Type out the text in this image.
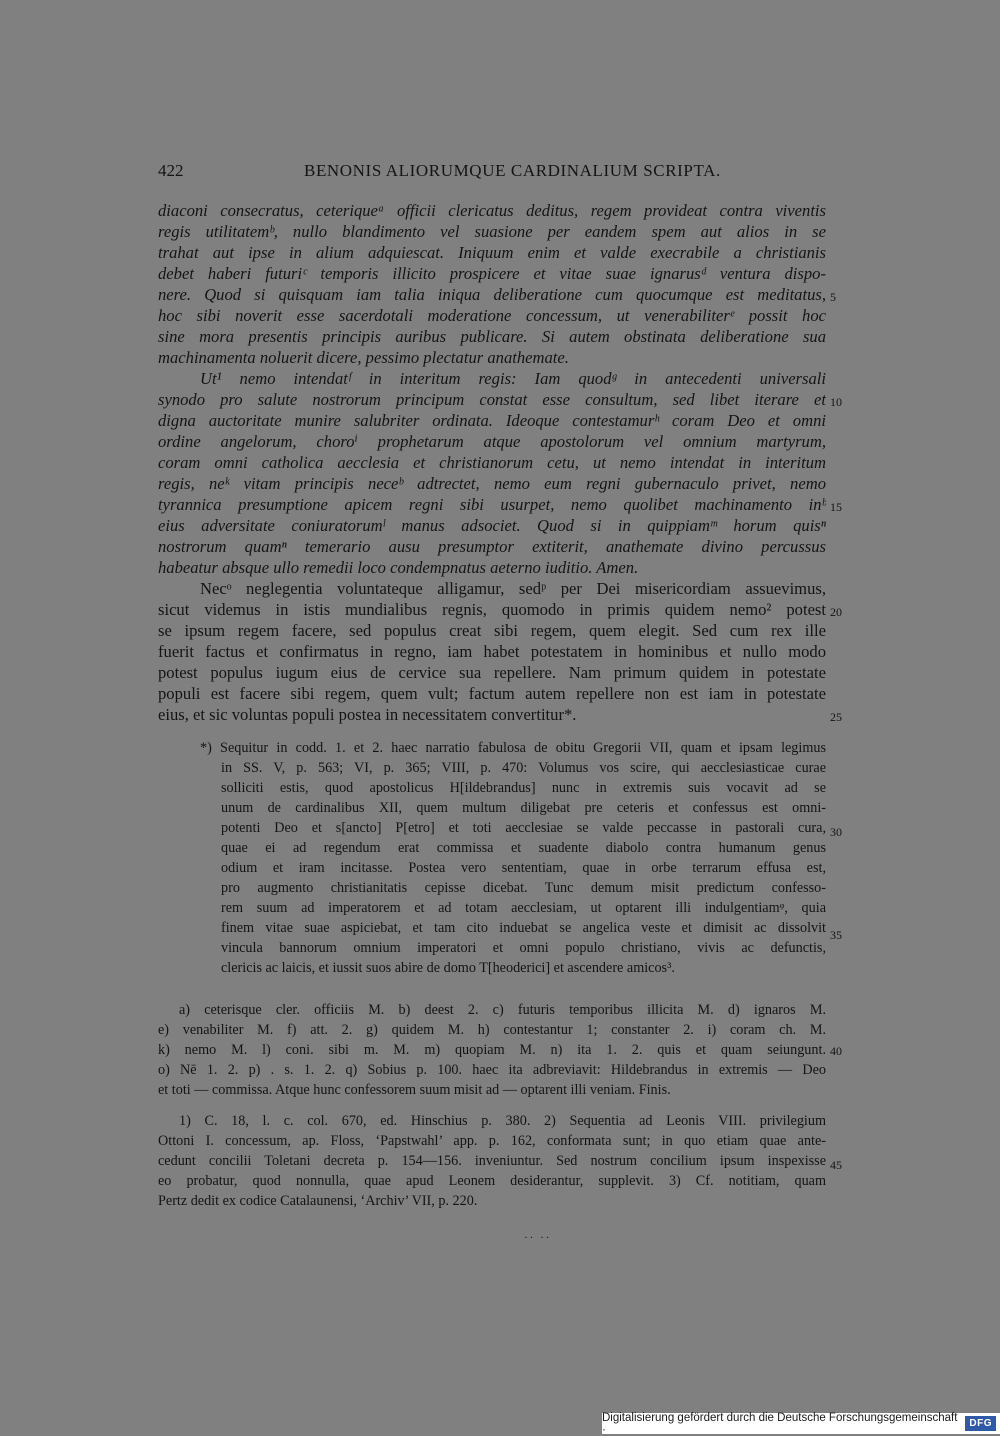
422	BENONIS ALIORUMQUE CARDINALIUM SCRIPTA.
diaconi consecratus, ceteriqueᵃ officii clericatus deditus, regem provideat contra viventis
regis utilitatemᵇ, nullo blandimento vel suasione per eandem spem aut alios in se
trahat aut ipse in alium adquiescat. Iniquum enim et valde execrabile a christianis
debet haberi futuriᶜ temporis illicito prospicere et vitae suae ignarusᵈ ventura dispo-
nere. Quod si quisquam iam talia iniqua deliberatione cum quocumque est meditatus,
hoc sibi noverit esse sacerdotali moderatione concessum, ut venerabiliterᵉ possit hoc
sine mora presentis principis auribus publicare. Si autem obstinata deliberatione sua
machinamenta noluerit dicere, pessimo plectatur anathemate.
Ut¹ nemo intendatᶠ in interitum regis: Iam quodᵍ in antecedenti universali
synodo pro salute nostrorum principum constat esse consultum, sed libet iterare et
digna auctoritate munire salubriter ordinata. Ideoque contestamurʰ coram Deo et omni
ordine angelorum, choroⁱ prophetarum atque apostolorum vel omnium martyrum,
coram omni catholica aecclesia et christianorum cetu, ut nemo intendat in interitum
regis, neᵏ vitam principis neceᵇ adtrectet, nemo eum regni gubernaculo privet, nemo
tyrannica presumptione apicem regni sibi usurpet, nemo quolibet machinamento inᵇ
eius adversitate coniuratorumˡ manus adsociet. Quod si in quippiamᵐ horum quisⁿ
nostrorum quamⁿ temerario ausu presumptor extiterit, anathemate divino percussus
habeatur absque ullo remedii loco condempnatus aeterno iuditio. Amen.
Necᵒ neglegentia voluntateque alligamur, sedᵖ per Dei misericordiam assuevimus,
sicut videmus in istis mundialibus regnis, quomodo in primis quidem nemo² potest
se ipsum regem facere, sed populus creat sibi regem, quem elegit. Sed cum rex ille
fuerit factus et confirmatus in regno, iam habet potestatem in hominibus et nullo modo
potest populus iugum eius de cervice sua repellere. Nam primum quidem in potestate
populi est facere sibi regem, quem vult; factum autem repellere non est iam in potestate
eius, et sic voluntas populi postea in necessitatem convertitur*.
*) Sequitur in codd. 1. et 2. haec narratio fabulosa de obitu Gregorii VII, quam et ipsam legimus
in SS. V, p. 563; VI, p. 365; VIII, p. 470: Volumus vos scire, qui aecclesiasticae curae
solliciti estis, quod apostolicus H[ildebrandus] nunc in extremis suis vocavit ad se
unum de cardinalibus XII, quem multum diligebat pre ceteris et confessus est omni-
potenti Deo et s[ancto] P[etro] et toti aecclesiae se valde peccasse in pastorali cura,
quae ei ad regendum erat commissa et suadente diabolo contra humanum genus
odium et iram incitasse. Postea vero sententiam, quae in orbe terrarum effusa est,
pro augmento christianitatis cepisse dicebat. Tunc demum misit predictum confesso-
rem suum ad imperatorem et ad totam aecclesiam, ut optarent illi indulgentiamᵠ, quia
finem vitae suae aspiciebat, et tam cito induebat se angelica veste et dimisit ac dissolvit
vincula bannorum omnium imperatori et omni populo christiano, vivis ac defunctis,
clericis ac laicis, et iussit suos abire de domo T[heoderici] et ascendere amicos³.
a) ceterisque cler. officiis M. b) deest 2. c) futuris temporibus illicita M. d) ignaros M.
e) venabiliter M. f) att. 2. g) quidem M. h) contestantur 1; constanter 2. i) coram ch. M.
k) nemo M. l) coni. sibi m. M. m) quopiam M. n) ita 1. 2. quis et quam seiungunt.
o) Nē 1. 2. p) . s. 1. 2. q) Sobius p. 100. haec ita adbreviavit: Hildebrandus in extremis — Deo
et toti — commissa. Atque hunc confessorem suum misit ad — optarent illi veniam. Finis.
1) C. 18, l. c. col. 670, ed. Hinschius p. 380. 2) Sequentia ad Leonis VIII. privilegium
Ottoni I. concessum, ap. Floss, ‘Papstwahl’ app. p. 162, conformata sunt; in quo etiam quae ante-
cedunt concilii Toletani decreta p. 154—156. inveniuntur. Sed nostrum concilium ipsum inspexisse
eo probatur, quod nonnulla, quae apud Leonem desiderantur, supplevit. 3) Cf. notitiam, quam
Pertz dedit ex codice Catalaunensi, ‘Archiv’ VII, p. 220.
5
10
15
20
25
30
35
40
45
·· ··
Digitalisierung gefördert durch die Deutsche Forschungsgemeinschaft ·	DFG
